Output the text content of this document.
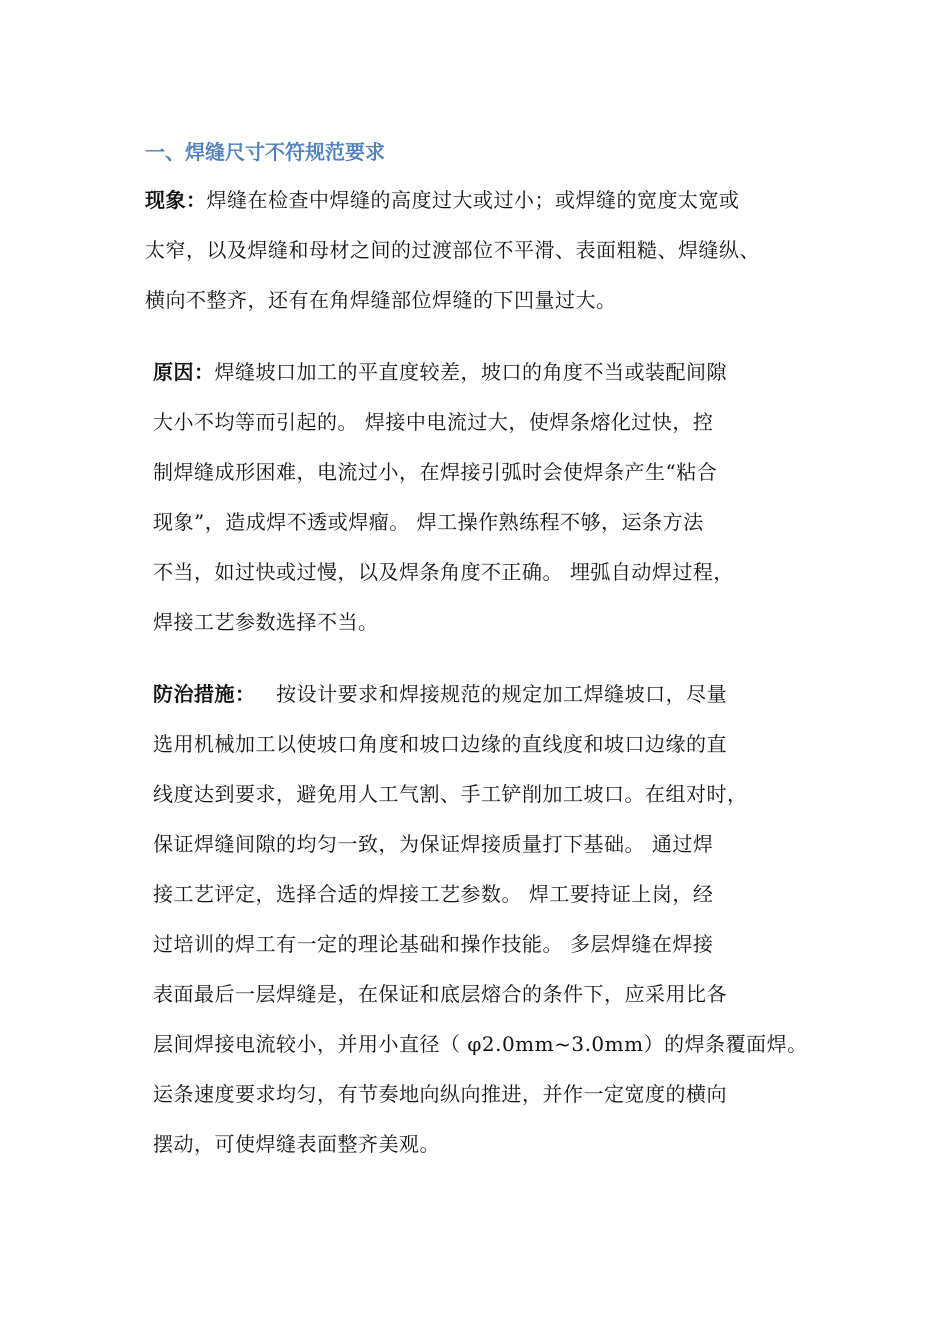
一、焊缝尺寸不符规范要求
现象：焊缝在检查中焊缝的高度过大或过小；或焊缝的宽度太宽或
太窄，以及焊缝和母材之间的过渡部位不平滑、表面粗糙、焊缝纵、
横向不整齐，还有在角焊缝部位焊缝的下凹量过大。
原因：焊缝坡口加工的平直度较差，坡口的角度不当或装配间隙
大小不均等而引起的。 焊接中电流过大，使焊条熔化过快，控
制焊缝成形困难，电流过小，在焊接引弧时会使焊条产生“粘合
现象”，造成焊不透或焊瘤。 焊工操作熟练程不够，运条方法
不当，如过快或过慢，以及焊条角度不正确。 埋弧自动焊过程，
焊接工艺参数选择不当。
防治措施：   按设计要求和焊接规范的规定加工焊缝坡口，尽量
选用机械加工以使坡口角度和坡口边缘的直线度和坡口边缘的直
线度达到要求，避免用人工气割、手工铲削加工坡口。在组对时，
保证焊缝间隙的均匀一致，为保证焊接质量打下基础。 通过焊
接工艺评定，选择合适的焊接工艺参数。 焊工要持证上岗，经
过培训的焊工有一定的理论基础和操作技能。 多层焊缝在焊接
表面最后一层焊缝是，在保证和底层熔合的条件下，应采用比各
层间焊接电流较小，并用小直径（ φ2.0mm~3.0mm）的焊条覆面焊。
运条速度要求均匀，有节奏地向纵向推进，并作一定宽度的横向
摆动，可使焊缝表面整齐美观。
